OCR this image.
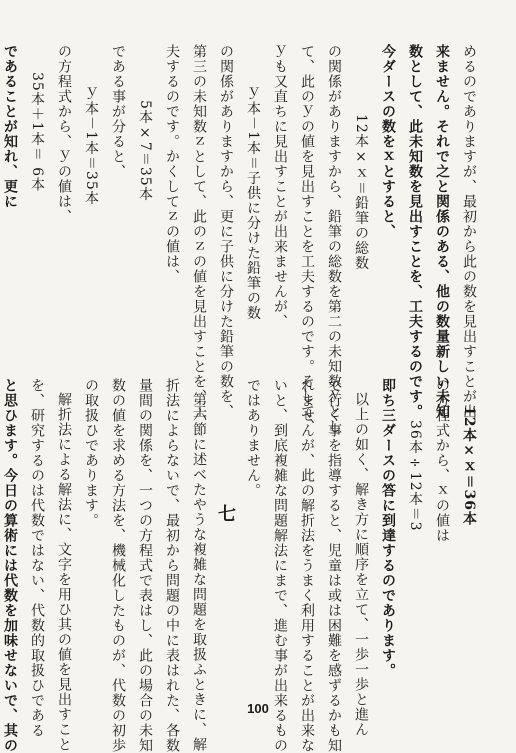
めるのでありますが、最初から此の数を見出すことが出
来ません。それで之と関係のある、他の数量新しい未知
数として、此未知数を見出すことを、工夫するのです。
今ダースの数をｘとすると、
12本×ｘ＝鉛筆の総数
の関係がありますから、鉛筆の総数を第二の未知数ｙとし
て、此のｙの値を見出すことを工夫するのです。そして、
ｙも又直ちに見出すことが出来ませんが、
ｙ本－1本＝子供に分けた鉛筆の数
の関係がありますから、更に子供に分けた鉛筆の数を、
第三の未知数ｚとして、此のｚの値を見出すことを、工
夫するのです。かくしてｚの値は、
5本×7＝35本
である事が分ると、
ｙ本－1本＝35本
の方程式から、ｙの値は、
35本＋1本＝ 6本
であることが知れ、更に
12本×ｘ＝36本
の方程式から、ｘの値は
36本÷12本＝3
即ち三ダースの答に到達するのであります。
以上の如く、解き方に順序を立て、一歩一歩と進ん
で行く事を指導すると、児童は或は困難を感ずるかも知
れませんが、此の解折法をうまく利用することが出来な
いと、到底複雑な問題解法にまで、進む事が出来るもの
ではありません。
七
第六節に述べたやうな複雑な問題を取扱ふときに、解
折法によらないで、最初から問題の中に表はれた、各数
量間の関係を、一つの方程式で表はし、此の場合の未知
数の値を求める方法を、機械化したものが、代数の初歩
の取扱ひであります。
解折法による解法に、文字を用ひ其の値を見出すこと
を、研究するのは代数ではない、代数的取扱ひである
と思ひます。今日の算術には代数を加味せないで、其の	100
